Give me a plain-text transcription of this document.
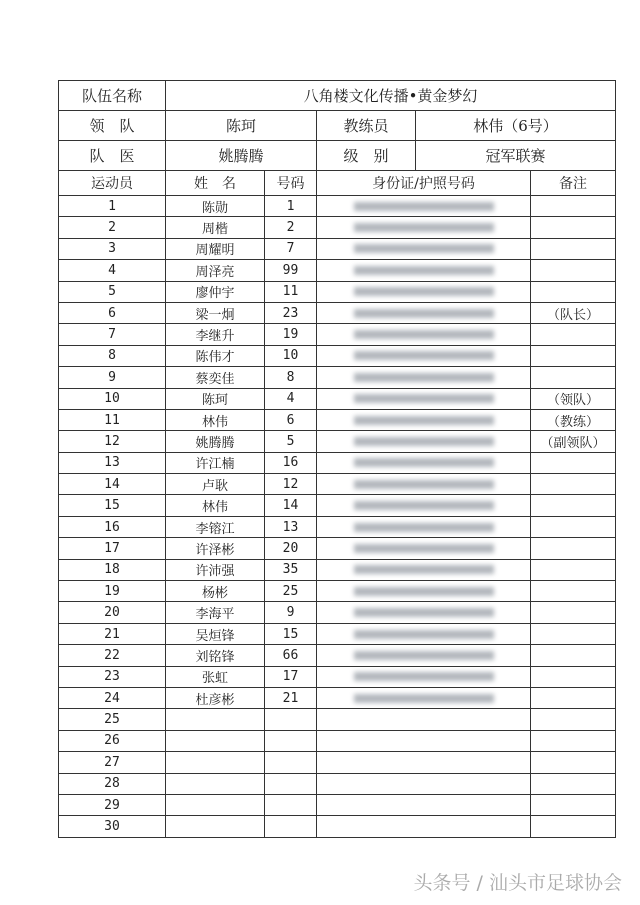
队伍名称	八角楼文化传播•黄金梦幻				
领　队	陈珂		教练员	林伟（6号）	
队　医	姚腾腾		级　别	冠军联赛	
运动员	姓　名	号码	身份证/护照号码		备注
1	陈勋	1			
2	周楷	2			
3	周耀明	7			
4	周泽亮	99			
5	廖仲宇	11			
6	梁一炯	23			（队长）
7	李继升	19			
8	陈伟才	10			
9	蔡奕佳	8			
10	陈珂	4			（领队）
11	林伟	6			（教练）
12	姚腾腾	5			（副领队）
13	许江楠	16			
14	卢耿	12			
15	林伟	14			
16	李镕江	13			
17	许泽彬	20			
18	许沛强	35			
19	杨彬	25			
20	李海平	9			
21	吴烜锋	15			
22	刘铭锋	66			
23	张虹	17			
24	杜彦彬	21			
25					
26					
27					
28					
29					
30					
头条号 / 汕头市足球协会
